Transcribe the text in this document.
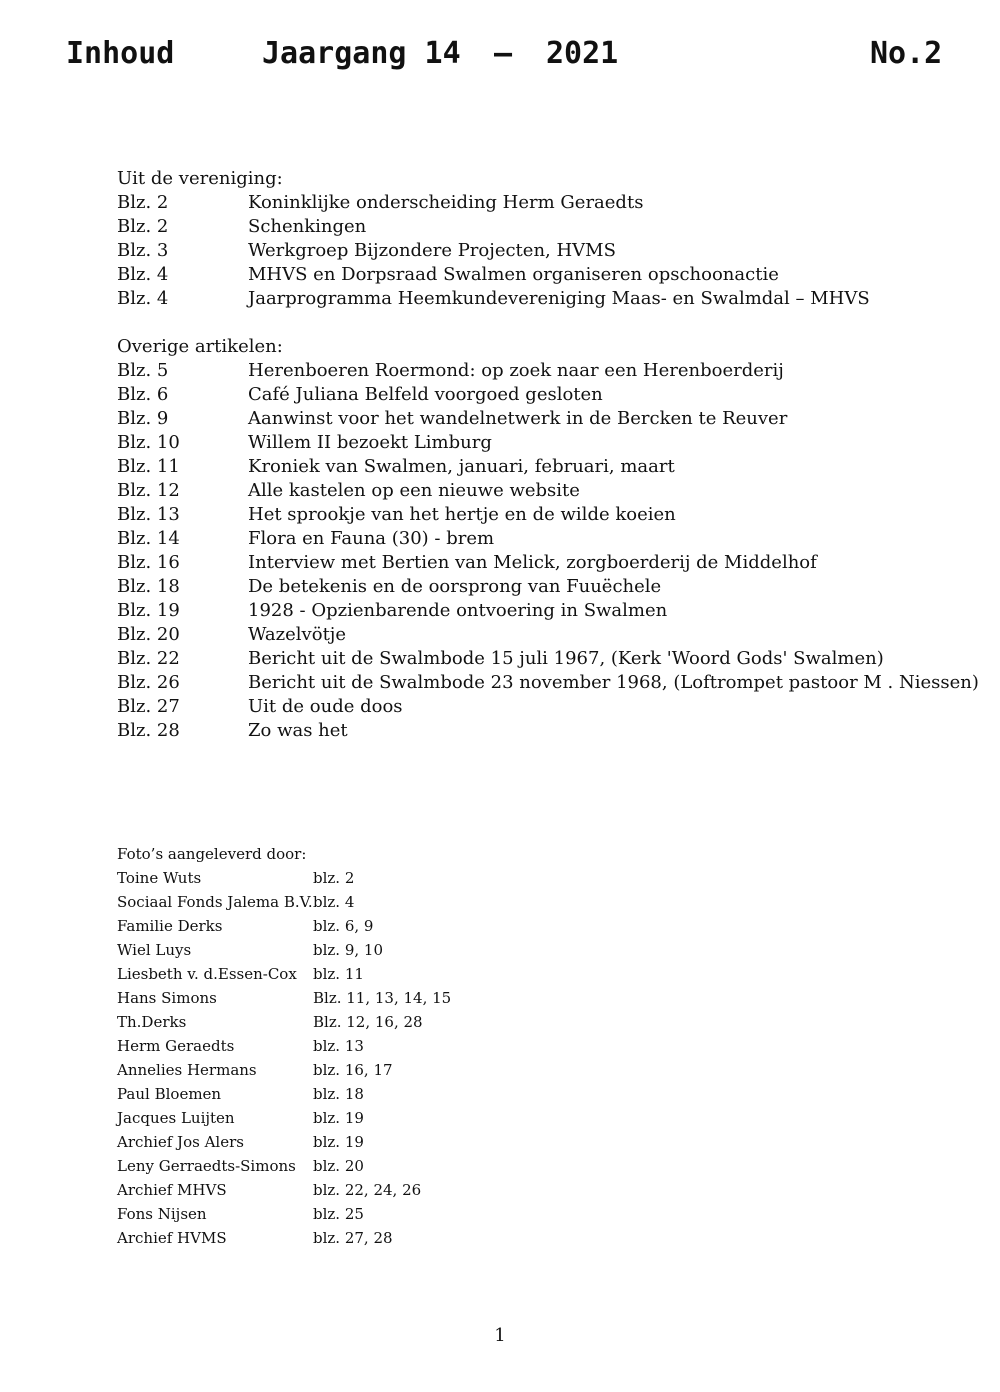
Inhoud	Jaargang 14 – 2021	No.2
Uit de vereniging:
Blz. 2	Koninklijke onderscheiding Herm Geraedts
Blz. 2	Schenkingen
Blz. 3	Werkgroep Bijzondere Projecten, HVMS
Blz. 4	MHVS en Dorpsraad Swalmen organiseren opschoonactie
Blz. 4	Jaarprogramma Heemkundevereniging Maas- en Swalmdal – MHVS
Overige artikelen:
Blz. 5	Herenboeren Roermond: op zoek naar een Herenboerderij
Blz. 6	Café Juliana Belfeld voorgoed gesloten
Blz. 9	Aanwinst voor het wandelnetwerk in de Bercken te Reuver
Blz. 10	Willem II bezoekt Limburg
Blz. 11	Kroniek van Swalmen, januari, februari, maart
Blz. 12	Alle kastelen op een nieuwe website
Blz. 13	Het sprookje van het hertje en de wilde koeien
Blz. 14	Flora en Fauna (30) - brem
Blz. 16	Interview met Bertien van Melick, zorgboerderij de Middelhof
Blz. 18	De betekenis en de oorsprong van Fuuëchele
Blz. 19	1928 - Opzienbarende ontvoering in Swalmen
Blz. 20	Wazelvötje
Blz. 22	Bericht uit de Swalmbode 15 juli 1967, (Kerk 'Woord Gods' Swalmen)
Blz. 26	Bericht uit de Swalmbode 23 november 1968, (Loftrompet pastoor M . Niessen)
Blz. 27	Uit de oude doos
Blz. 28	Zo was het
Foto’s aangeleverd door:
Toine Wuts	blz. 2
Sociaal Fonds Jalema B.V. blz. 4
Familie Derks	blz. 6, 9
Wiel Luys	blz. 9, 10
Liesbeth v. d.Essen-Cox	blz. 11
Hans Simons	Blz. 11, 13, 14, 15
Th.Derks	Blz. 12, 16, 28
Herm Geraedts	blz. 13
Annelies Hermans	blz. 16, 17
Paul Bloemen	blz. 18
Jacques Luijten	blz. 19
Archief Jos Alers	blz. 19
Leny Gerraedts-Simons	blz. 20
Archief MHVS	blz. 22, 24, 26
Fons Nijsen	blz. 25
Archief HVMS	blz. 27, 28
1
